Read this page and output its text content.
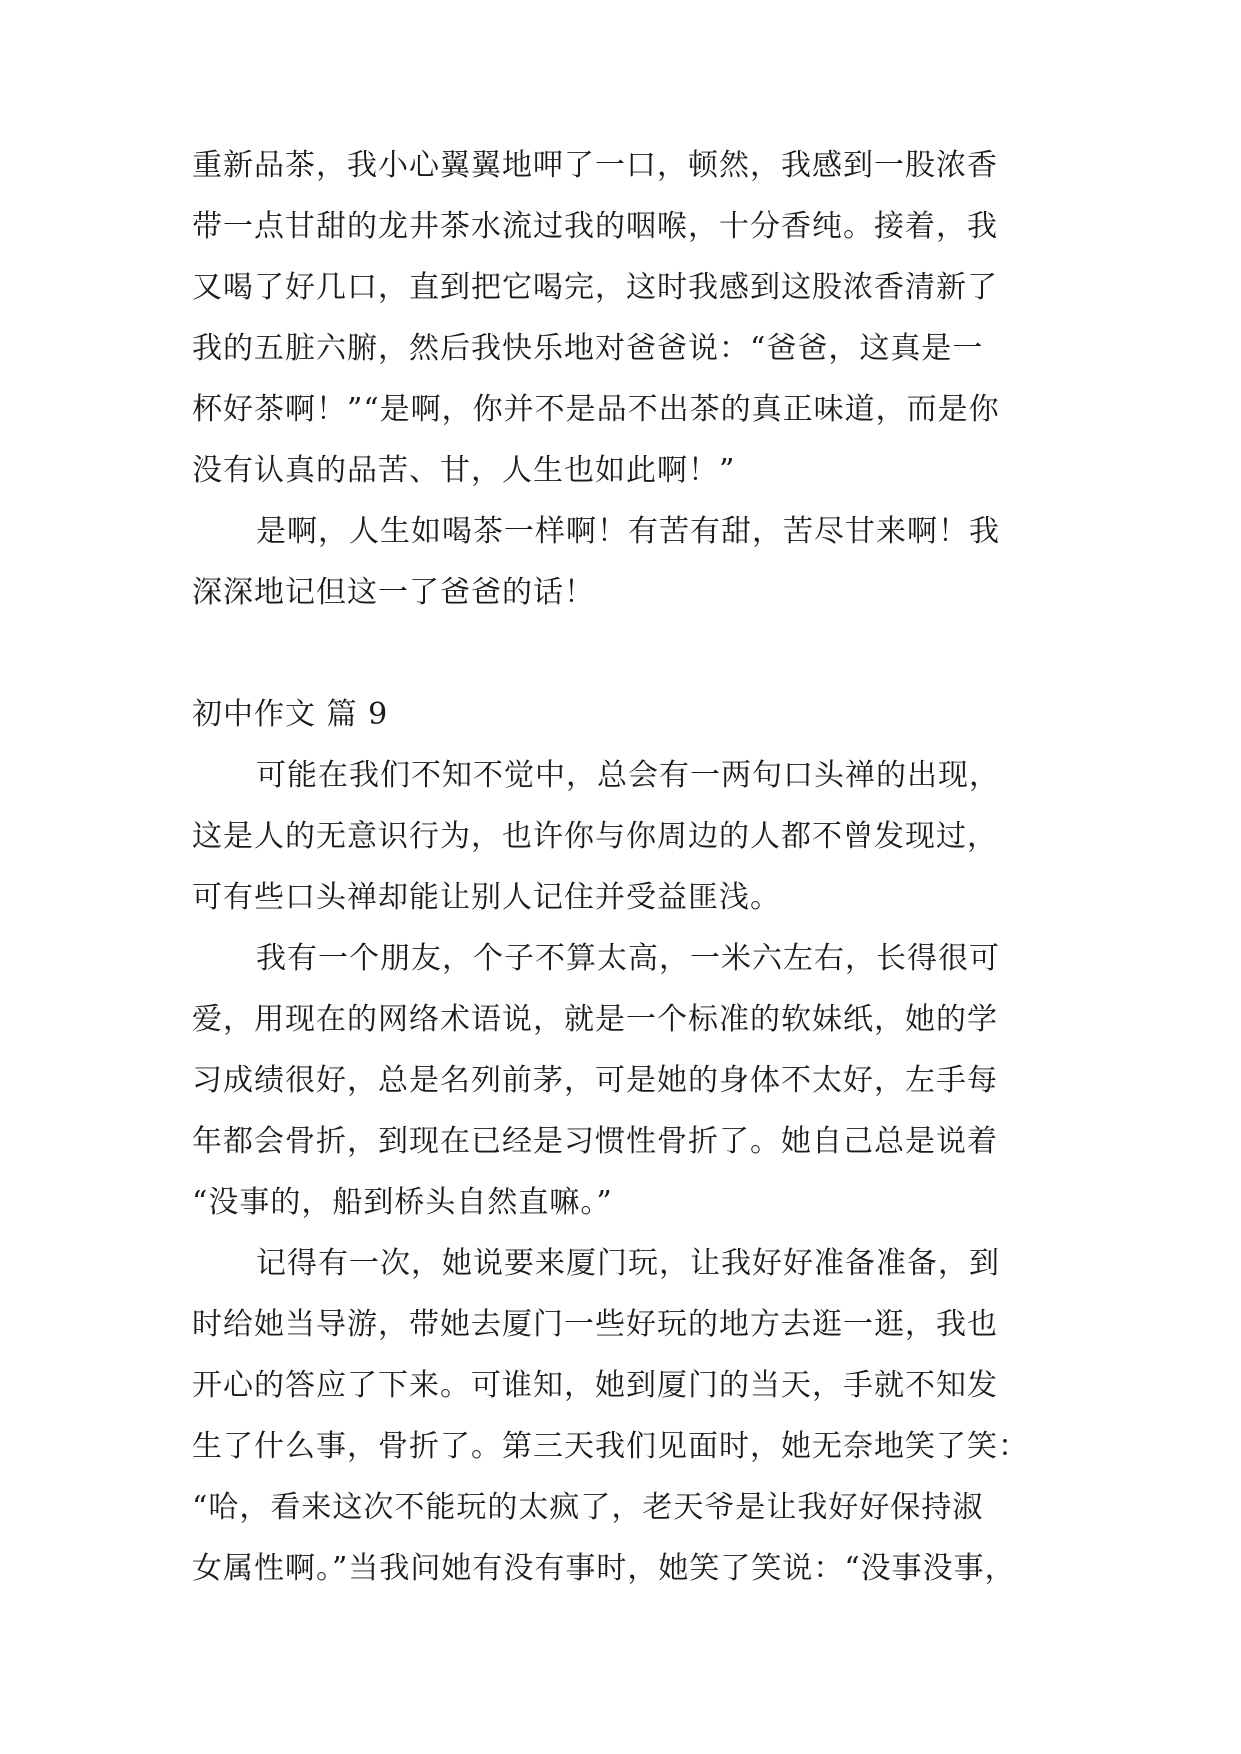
重新品茶，我小心翼翼地呷了一口，顿然，我感到一股浓香
带一点甘甜的龙井茶水流过我的咽喉，十分香纯。接着，我
又喝了好几口，直到把它喝完，这时我感到这股浓香清新了
我的五脏六腑，然后我快乐地对爸爸说：“爸爸，这真是一
杯好茶啊！”“是啊，你并不是品不出茶的真正味道，而是你
没有认真的品苦、甘，人生也如此啊！”
是啊，人生如喝茶一样啊！有苦有甜，苦尽甘来啊！我
深深地记但这一了爸爸的话！
初中作文 篇 9
可能在我们不知不觉中，总会有一两句口头禅的出现，
这是人的无意识行为，也许你与你周边的人都不曾发现过，
可有些口头禅却能让别人记住并受益匪浅。
我有一个朋友，个子不算太高，一米六左右，长得很可
爱，用现在的网络术语说，就是一个标准的软妹纸，她的学
习成绩很好，总是名列前茅，可是她的身体不太好，左手每
年都会骨折，到现在已经是习惯性骨折了。她自己总是说着
“没事的，船到桥头自然直嘛。”
记得有一次，她说要来厦门玩，让我好好准备准备，到
时给她当导游，带她去厦门一些好玩的地方去逛一逛，我也
开心的答应了下来。可谁知，她到厦门的当天，手就不知发
生了什么事，骨折了。第三天我们见面时，她无奈地笑了笑：
“哈，看来这次不能玩的太疯了，老天爷是让我好好保持淑
女属性啊。”当我问她有没有事时，她笑了笑说：“没事没事，
